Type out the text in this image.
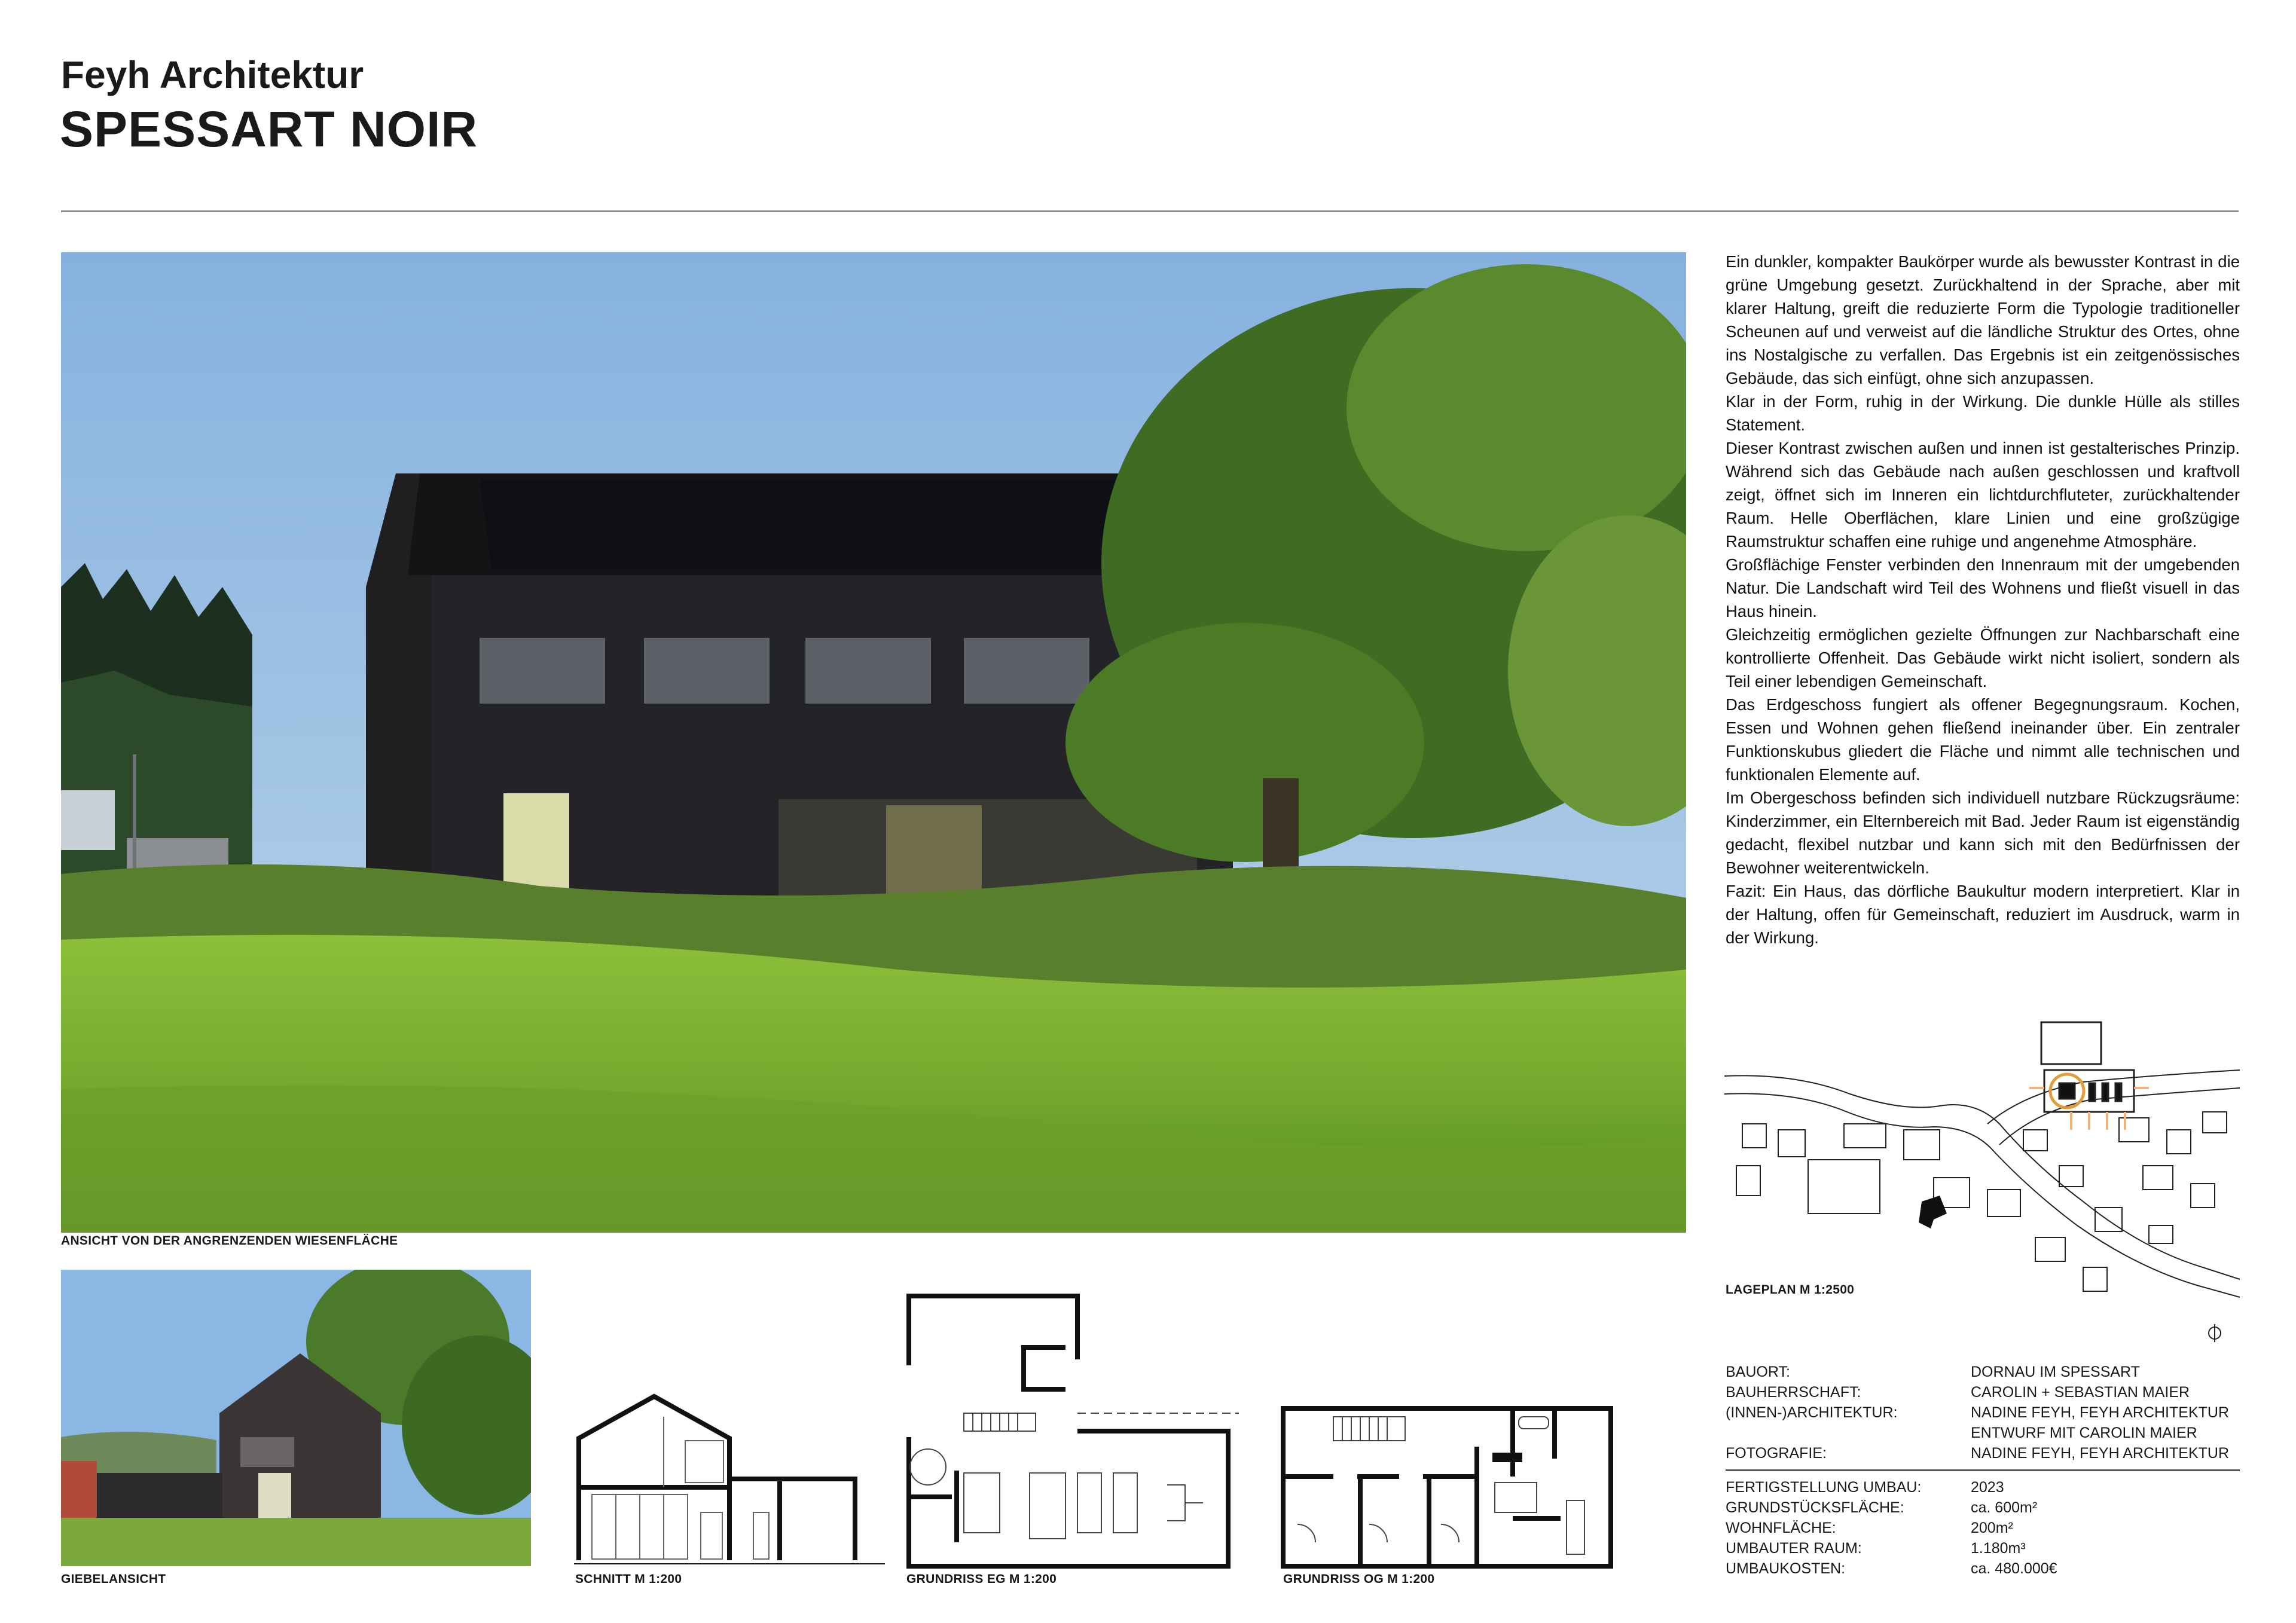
Feyh Architektur
SPESSART NOIR
ANSICHT VON DER ANGRENZENDEN WIESENFLÄCHE

Ein dunkler, kompakter Baukörper wurde als bewusster Kontrast in die grüne Umgebung gesetzt. Zurückhaltend in der Sprache, aber mit klarer Haltung, greift die reduzierte Form die Typologie traditioneller Scheunen auf und verweist auf die ländliche Struktur des Ortes, ohne ins Nostalgische zu verfallen. Das Ergebnis ist ein zeitgenössisches Gebäude, das sich einfügt, ohne sich anzupassen.

Klar in der Form, ruhig in der Wirkung. Die dunkle Hülle als stilles Statement.

Dieser Kontrast zwischen außen und innen ist gestalterisches Prinzip. Während sich das Gebäude nach außen geschlossen und kraftvoll zeigt, öffnet sich im Inneren ein lichtdurchfluteter, zurückhaltender Raum. Helle Oberflächen, klare Linien und eine großzügige Raumstruktur schaffen eine ruhige und angenehme Atmosphäre.

Großflächige Fenster verbinden den Innenraum mit der umgebenden Natur. Die Landschaft wird Teil des Wohnens und fließt visuell in das Haus hinein.

Gleichzeitig ermöglichen gezielte Öffnungen zur Nachbarschaft eine kontrollierte Offenheit. Das Gebäude wirkt nicht isoliert, sondern als Teil einer lebendigen Gemeinschaft.

Das Erdgeschoss fungiert als offener Begegnungsraum. Kochen, Essen und Wohnen gehen fließend ineinander über. Ein zentraler Funktionskubus gliedert die Fläche und nimmt alle technischen und funktionalen Elemente auf.

Im Obergeschoss befinden sich individuell nutzbare Rückzugsräume: Kinderzimmer, ein Elternbereich mit Bad. Jeder Raum ist eigenständig gedacht, flexibel nutzbar und kann sich mit den Bedürfnissen der Bewohner weiterentwickeln.

Fazit: Ein Haus, das dörfliche Baukultur modern interpretiert. Klar in der Haltung, offen für Gemeinschaft, reduziert im Ausdruck, warm in der Wirkung.

LAGEPLAN M 1:2500
BAUORT:	DORNAU IM SPESSART
BAUHERRSCHAFT:	CAROLIN + SEBASTIAN MAIER
(INNEN-)ARCHITEKTUR:	NADINE FEYH, FEYH ARCHITEKTUR
ENTWURF MIT CAROLIN MAIER
FOTOGRAFIE:	NADINE FEYH, FEYH ARCHITEKTUR
FERTIGSTELLUNG UMBAU:	2023
GRUNDSTÜCKSFLÄCHE:	ca. 600m²
WOHNFLÄCHE:	200m²
UMBAUTER RAUM:	1.180m³
UMBAUKOSTEN:	ca. 480.000€
GIEBELANSICHT	SCHNITT M 1:200	GRUNDRISS EG M 1:200	GRUNDRISS OG M 1:200
